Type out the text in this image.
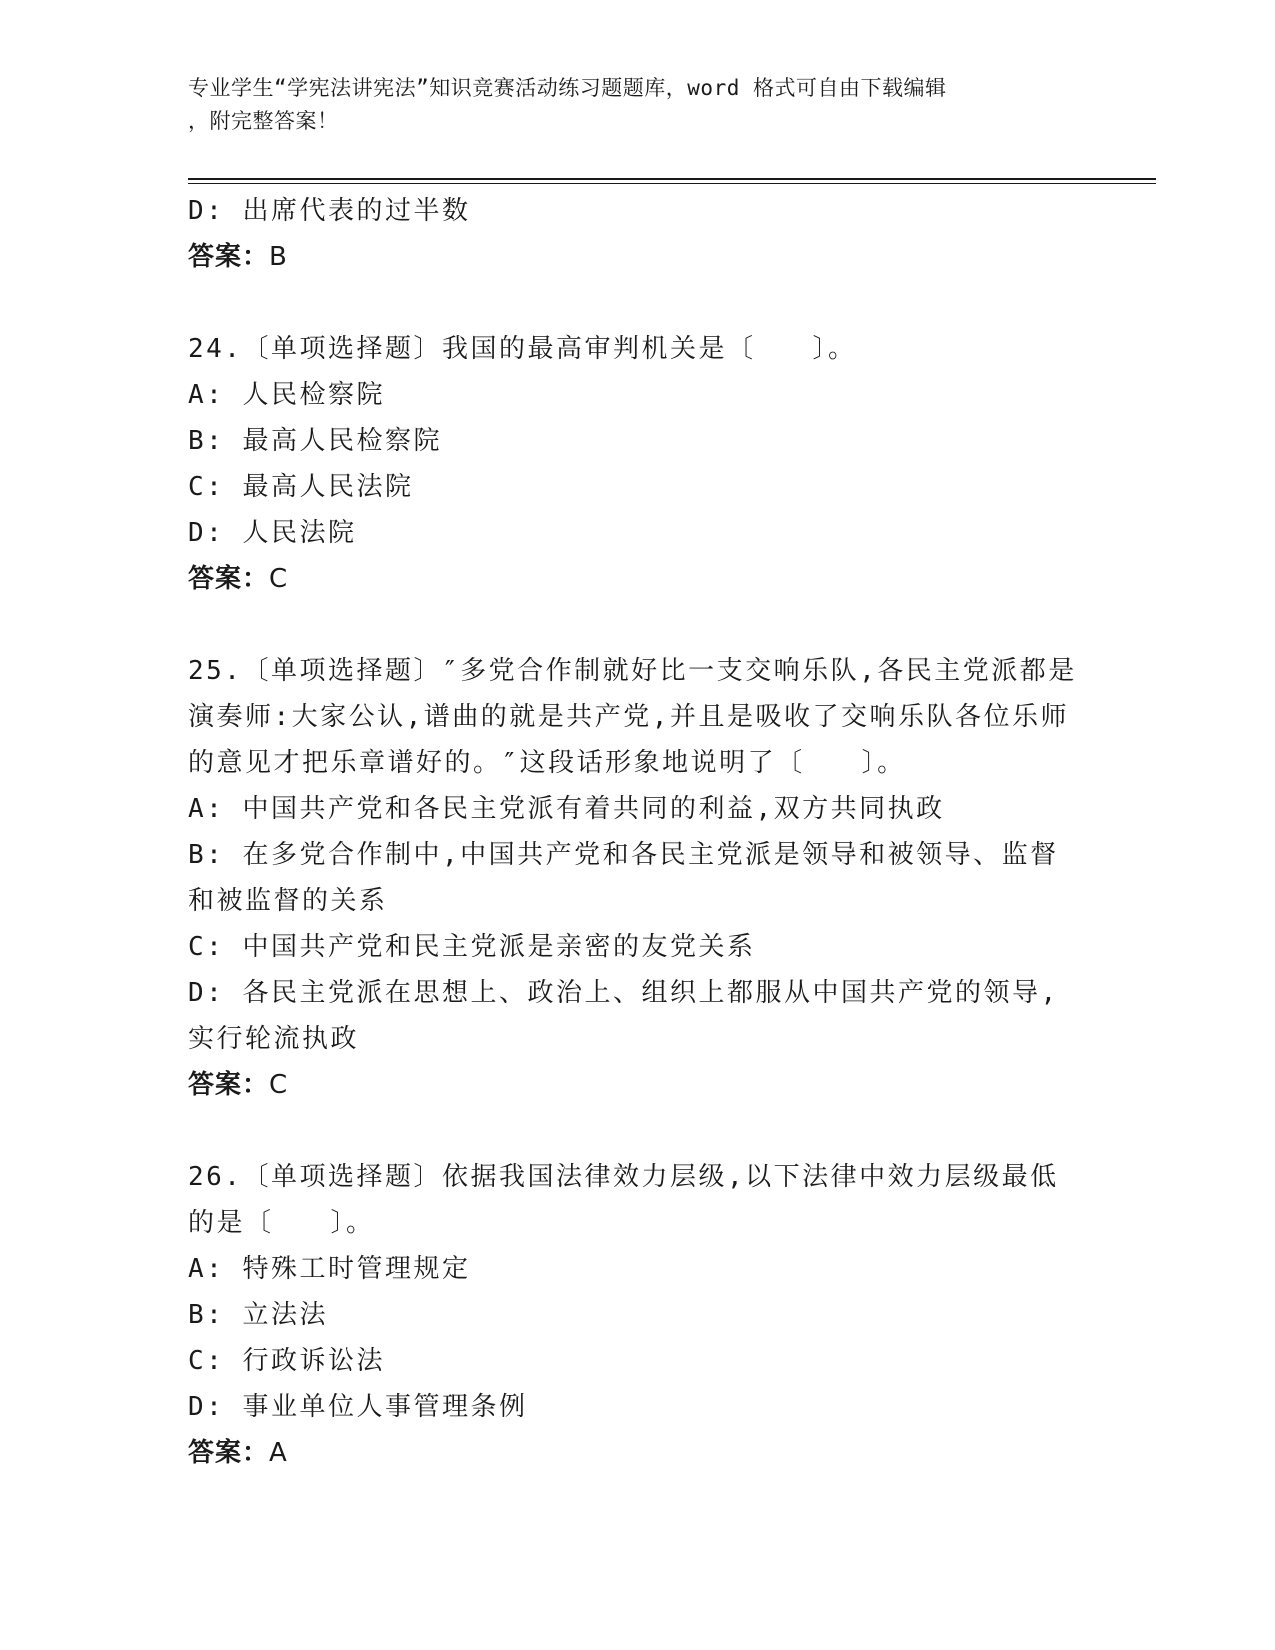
专业学生“学宪法讲宪法”知识竞赛活动练习题题库，word 格式可自由下载编辑
，附完整答案！
D: 出席代表的过半数
答案：B
24.〔单项选择题〕我国的最高审判机关是〔　　〕。
A: 人民检察院
B: 最高人民检察院
C: 最高人民法院
D: 人民法院
答案：C
25.〔单项选择题〕″多党合作制就好比一支交响乐队,各民主党派都是演奏师:大家公认,谱曲的就是共产党,并且是吸收了交响乐队各位乐师的意见才把乐章谱好的。″这段话形象地说明了〔　　〕。
A: 中国共产党和各民主党派有着共同的利益,双方共同执政
B: 在多党合作制中,中国共产党和各民主党派是领导和被领导、监督和被监督的关系
C: 中国共产党和民主党派是亲密的友党关系
D: 各民主党派在思想上、政治上、组织上都服从中国共产党的领导,实行轮流执政
答案：C
26.〔单项选择题〕依据我国法律效力层级,以下法律中效力层级最低的是〔　　〕。
A: 特殊工时管理规定
B: 立法法
C: 行政诉讼法
D: 事业单位人事管理条例
答案：A
